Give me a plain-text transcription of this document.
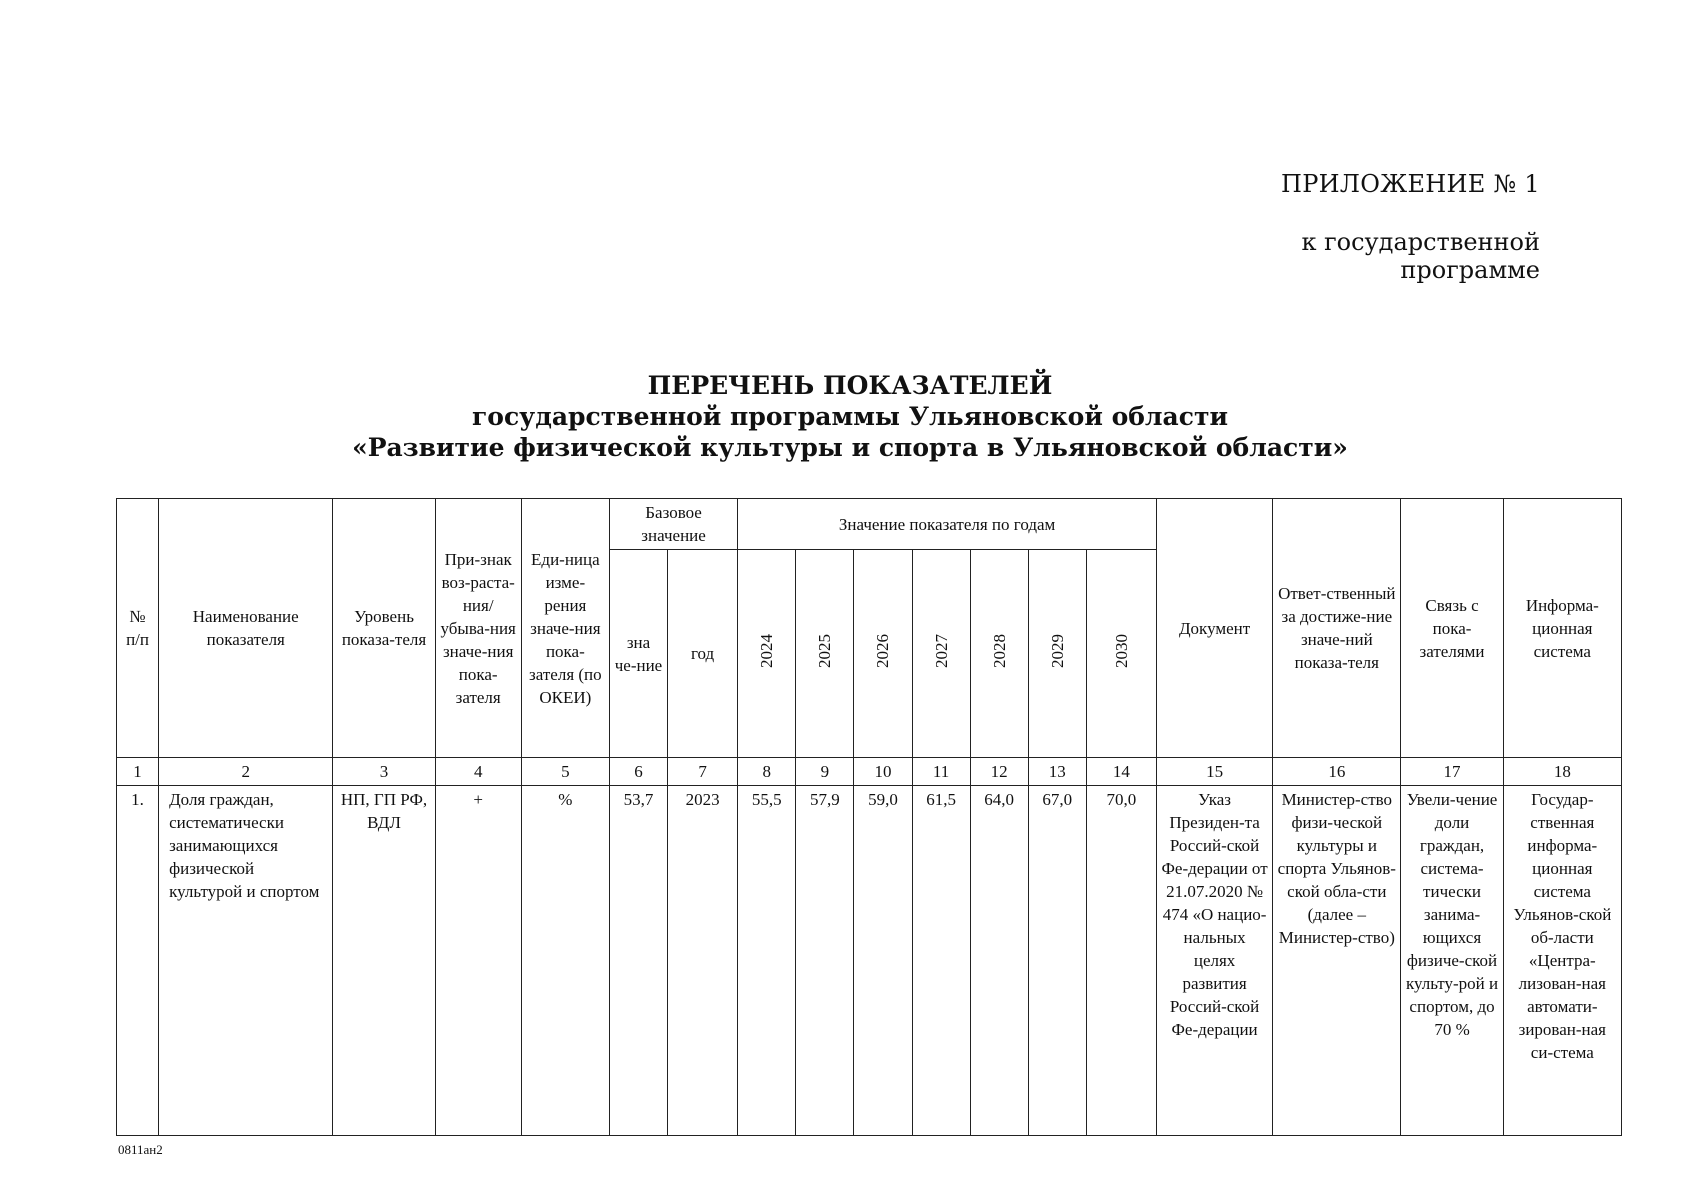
ПРИЛОЖЕНИЕ № 1
к государственной программе
ПЕРЕЧЕНЬ ПОКАЗАТЕЛЕЙ
государственной программы Ульяновской области
«Развитие физической культуры и спорта в Ульяновской области»
№ п/п	Наименование показателя	Уровень показа-теля	При-знак воз-раста-ния/ убыва-ния значе-ния пока-зателя	Еди-ница изме-рения значе-ния пока-зателя (по ОКЕИ)	Базовое значение		Значение показателя по годам							Документ	Ответ-ственный за достиже-ние значе-ний показа-теля	Связь с пока-зателями	Информа-ционная система
					зна че-ние	год	2024	2025	2026	2027	2028	2029	2030				
1	2	3	4	5	6	7	8	9	10	11	12	13	14	15	16	17	18
1.	Доля граждан, систематически занимающихся физической культурой и спортом	НП, ГП РФ, ВДЛ	+	%	53,7	2023	55,5	57,9	59,0	61,5	64,0	67,0	70,0	Указ Президен-та Россий-ской Фе-дерации от 21.07.2020 № 474 «О нацио-нальных целях развития Россий-ской Фе-дерации	Министер-ство физи-ческой культуры и спорта Ульянов-ской обла-сти (далее – Министер-ство)	Увели-чение доли граждан, система-тически занима-ющихся физиче-ской культу-рой и спортом, до 70 %	Государ-ственная информа-ционная система Ульянов-ской об-ласти «Центра-лизован-ная автомати-зирован-ная си-стема
0811ан2
